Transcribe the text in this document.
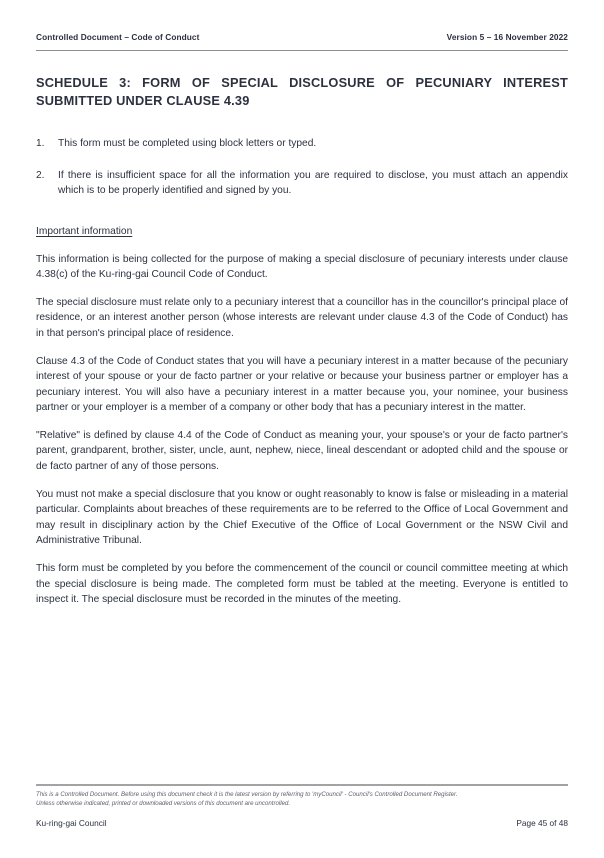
Controlled Document – Code of Conduct	Version 5 – 16 November 2022
SCHEDULE 3: FORM OF SPECIAL DISCLOSURE OF PECUNIARY INTEREST
SUBMITTED UNDER CLAUSE 4.39
1. This form must be completed using block letters or typed.
2. If there is insufficient space for all the information you are required to disclose, you must attach an appendix which is to be properly identified and signed by you.
Important information

This information is being collected for the purpose of making a special disclosure of pecuniary interests under clause 4.38(c) of the Ku-ring-gai Council Code of Conduct.

The special disclosure must relate only to a pecuniary interest that a councillor has in the councillor's principal place of residence, or an interest another person (whose interests are relevant under clause 4.3 of the Code of Conduct) has in that person's principal place of residence.

Clause 4.3 of the Code of Conduct states that you will have a pecuniary interest in a matter because of the pecuniary interest of your spouse or your de facto partner or your relative or because your business partner or employer has a pecuniary interest. You will also have a pecuniary interest in a matter because you, your nominee, your business partner or your employer is a member of a company or other body that has a pecuniary interest in the matter.

"Relative" is defined by clause 4.4 of the Code of Conduct as meaning your, your spouse's or your de facto partner's parent, grandparent, brother, sister, uncle, aunt, nephew, niece, lineal descendant or adopted child and the spouse or de facto partner of any of those persons.

You must not make a special disclosure that you know or ought reasonably to know is false or misleading in a material particular. Complaints about breaches of these requirements are to be referred to the Office of Local Government and may result in disciplinary action by the Chief Executive of the Office of Local Government or the NSW Civil and Administrative Tribunal.

This form must be completed by you before the commencement of the council or council committee meeting at which the special disclosure is being made. The completed form must be tabled at the meeting. Everyone is entitled to inspect it. The special disclosure must be recorded in the minutes of the meeting.

This is a Controlled Document. Before using this document check it is the latest version by referring to 'myCouncil' - Council's Controlled Document Register.
Unless otherwise indicated, printed or downloaded versions of this document are uncontrolled.
Ku-ring-gai Council	Page 45 of 48
